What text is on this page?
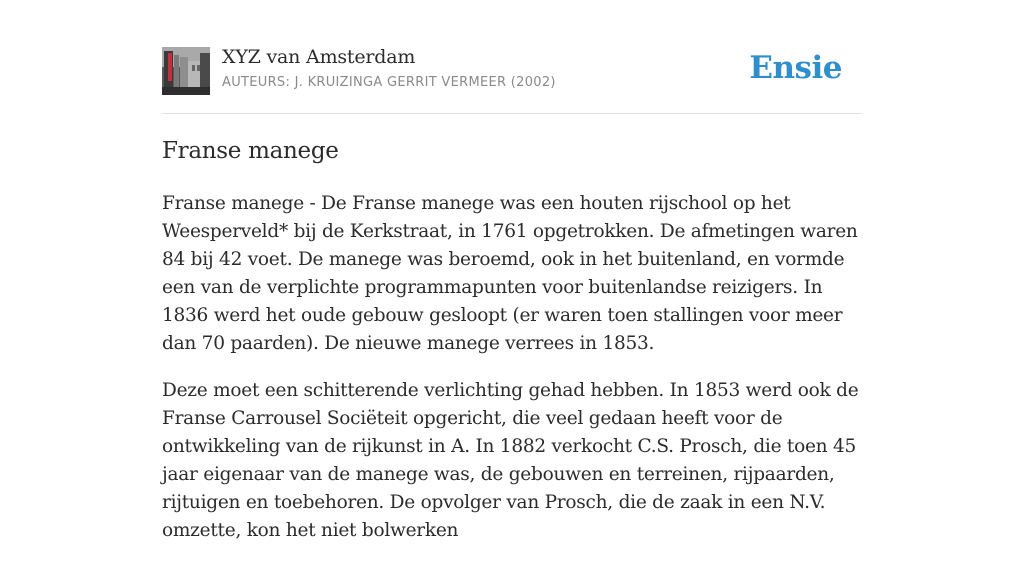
XYZ van Amsterdam
AUTEURS: J. KRUIZINGA GERRIT VERMEER (2002)	Ensie
Franse manege

Franse manege - De Franse manege was een houten rijschool op het Weesperveld* bij de Kerkstraat, in 1761 opgetrokken. De afmetingen waren 84 bij 42 voet. De manege was beroemd, ook in het buitenland, en vormde een van de verplichte programmapunten voor buitenlandse reizigers. In 1836 werd het oude gebouw gesloopt (er waren toen stallingen voor meer dan 70 paarden). De nieuwe manege verrees in 1853.

Deze moet een schitterende verlichting gehad hebben. In 1853 werd ook de Franse Carrousel Sociëteit opgericht, die veel gedaan heeft voor de ontwikkeling van de rijkunst in A. In 1882 verkocht C.S. Prosch, die toen 45 jaar eigenaar van de manege was, de gebouwen en terreinen, rijpaarden, rijtuigen en toebehoren. De opvolger van Prosch, die de zaak in een N.V. omzette, kon het niet bolwerken
